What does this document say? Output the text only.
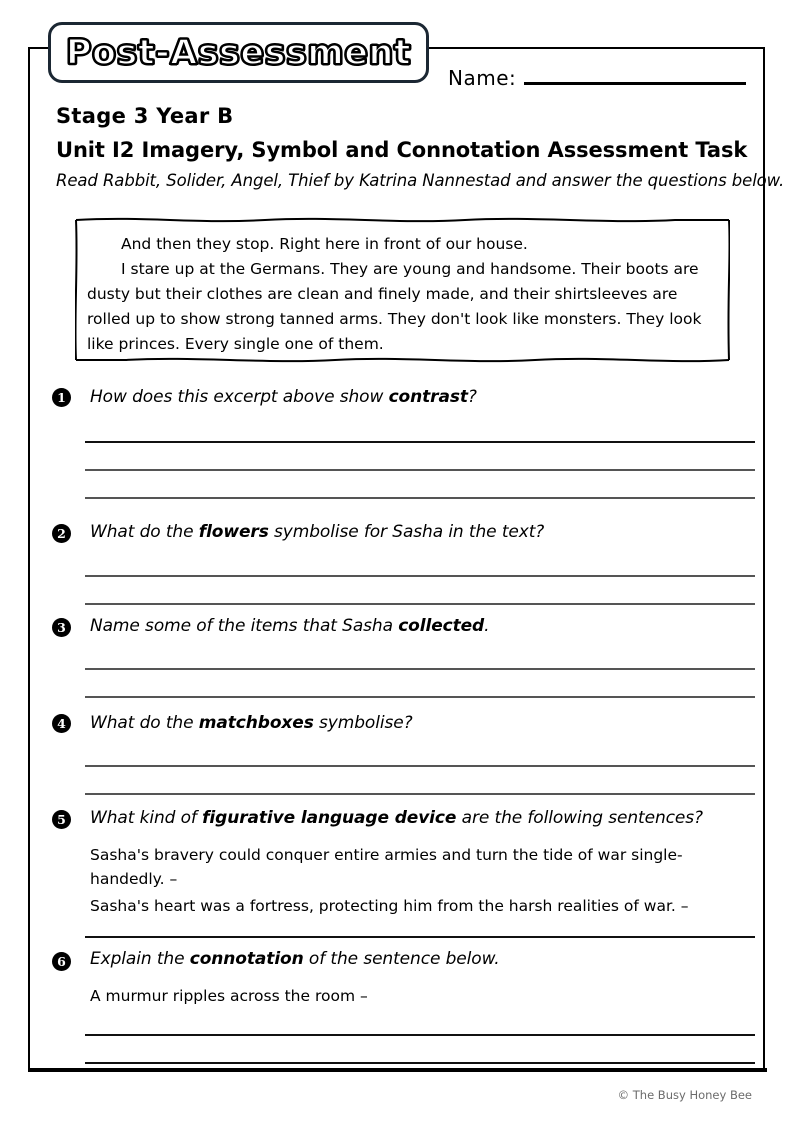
Post-Assessment
Name:
Stage 3 Year B
Unit I2 Imagery, Symbol and Connotation Assessment Task
Read Rabbit, Solider, Angel, Thief by Katrina Nannestad and answer the questions below.
And then they stop. Right here in front of our house.
I stare up at the Germans. They are young and handsome. Their boots are dusty but their clothes are clean and finely made, and their shirtsleeves are rolled up to show strong tanned arms. They don't look like monsters. They look like princes. Every single one of them.
1	How does this excerpt above show contrast?
2	What do the flowers symbolise for Sasha in the text?
3	Name some of the items that Sasha collected.
4	What do the matchboxes symbolise?
5	What kind of figurative language device are the following sentences?
Sasha's bravery could conquer entire armies and turn the tide of war single-handedly. –
Sasha's heart was a fortress, protecting him from the harsh realities of war. –
6	Explain the connotation of the sentence below.
A murmur ripples across the room –
© The Busy Honey Bee
